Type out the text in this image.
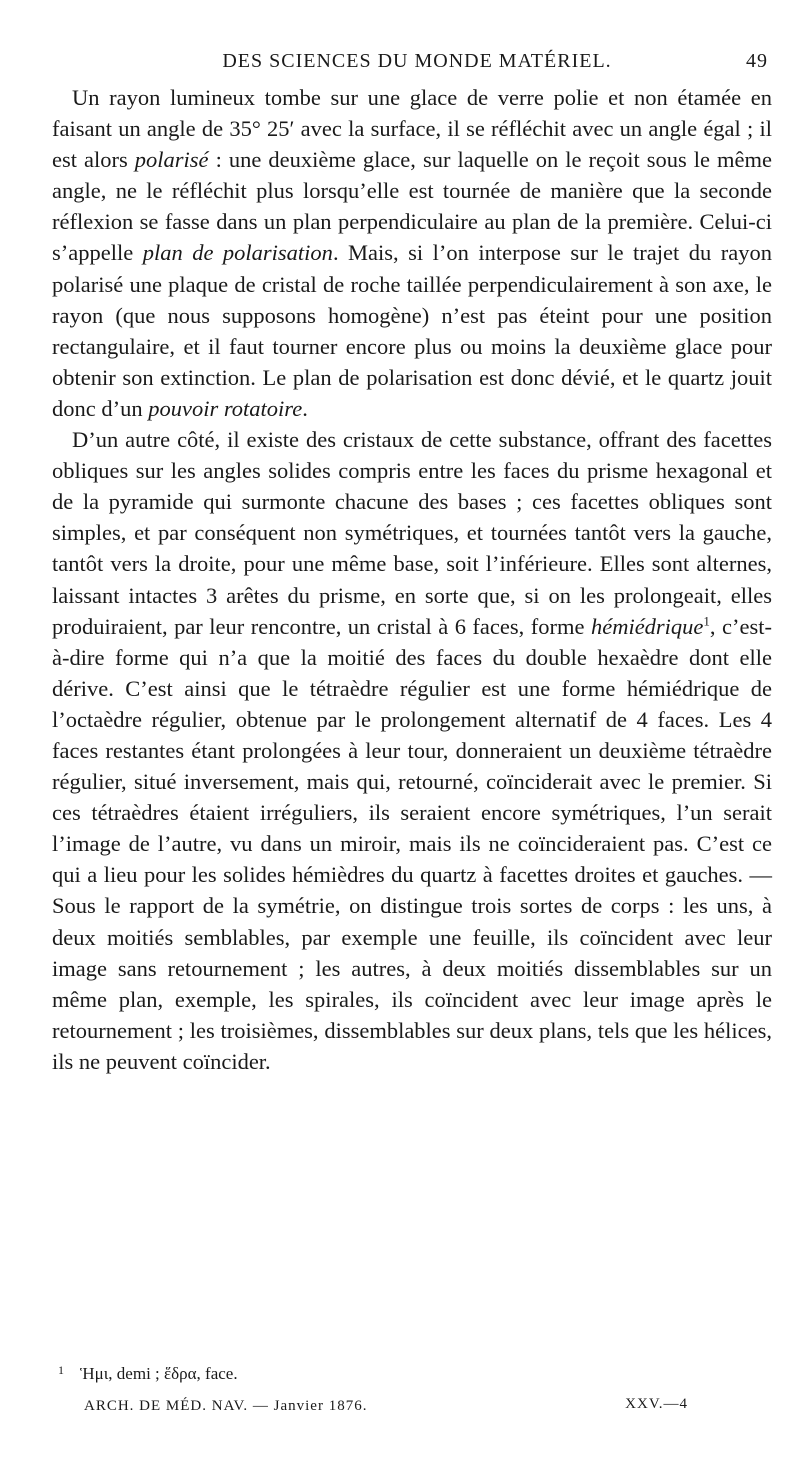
DES SCIENCES DU MONDE MATÉRIEL.	49

Un rayon lumineux tombe sur une glace de verre polie et non étamée en faisant un angle de 35° 25′ avec la surface, il se réfléchit avec un angle égal ; il est alors polarisé : une deuxième glace, sur laquelle on le reçoit sous le même angle, ne le réfléchit plus lorsqu’elle est tournée de manière que la seconde réflexion se fasse dans un plan perpendiculaire au plan de la première. Celui-ci s’appelle plan de polarisation. Mais, si l’on interpose sur le trajet du rayon polarisé une plaque de cristal de roche taillée perpendiculairement à son axe, le rayon (que nous supposons homogène) n’est pas éteint pour une position rectangulaire, et il faut tourner encore plus ou moins la deuxième glace pour obtenir son extinction. Le plan de polarisation est donc dévié, et le quartz jouit donc d’un pouvoir rotatoire.

D’un autre côté, il existe des cristaux de cette substance, offrant des facettes obliques sur les angles solides compris entre les faces du prisme hexagonal et de la pyramide qui surmonte chacune des bases ; ces facettes obliques sont simples, et par conséquent non symétriques, et tournées tantôt vers la gauche, tantôt vers la droite, pour une même base, soit l’inférieure. Elles sont alternes, laissant intactes 3 arêtes du prisme, en sorte que, si on les prolongeait, elles produiraient, par leur rencontre, un cristal à 6 faces, forme hémiédrique$^1$, c’est-à-dire forme qui n’a que la moitié des faces du double hexaèdre dont elle dérive. C’est ainsi que le tétraèdre régulier est une forme hémiédrique de l’octaèdre régulier, obtenue par le prolongement alternatif de 4 faces. Les 4 faces restantes étant prolongées à leur tour, donneraient un deuxième tétraèdre régulier, situé inversement, mais qui, retourné, coïnciderait avec le premier. Si ces tétraèdres étaient irréguliers, ils seraient encore symétriques, l’un serait l’image de l’autre, vu dans un miroir, mais ils ne coïncideraient pas. C’est ce qui a lieu pour les solides hémièdres du quartz à facettes droites et gauches. — Sous le rapport de la symétrie, on distingue trois sortes de corps : les uns, à deux moitiés semblables, par exemple une feuille, ils coïncident avec leur image sans retournement ; les autres, à deux moitiés dissemblables sur un même plan, exemple, les spirales, ils coïncident avec leur image après le retournement ; les troisièmes, dissemblables sur deux plans, tels que les hélices, ils ne peuvent coïncider.

1 Ἡμι, demi ; ἕδρα, face.
ARCH. DE MÉD. NAV. — Janvier 1876.	XXV.—4
